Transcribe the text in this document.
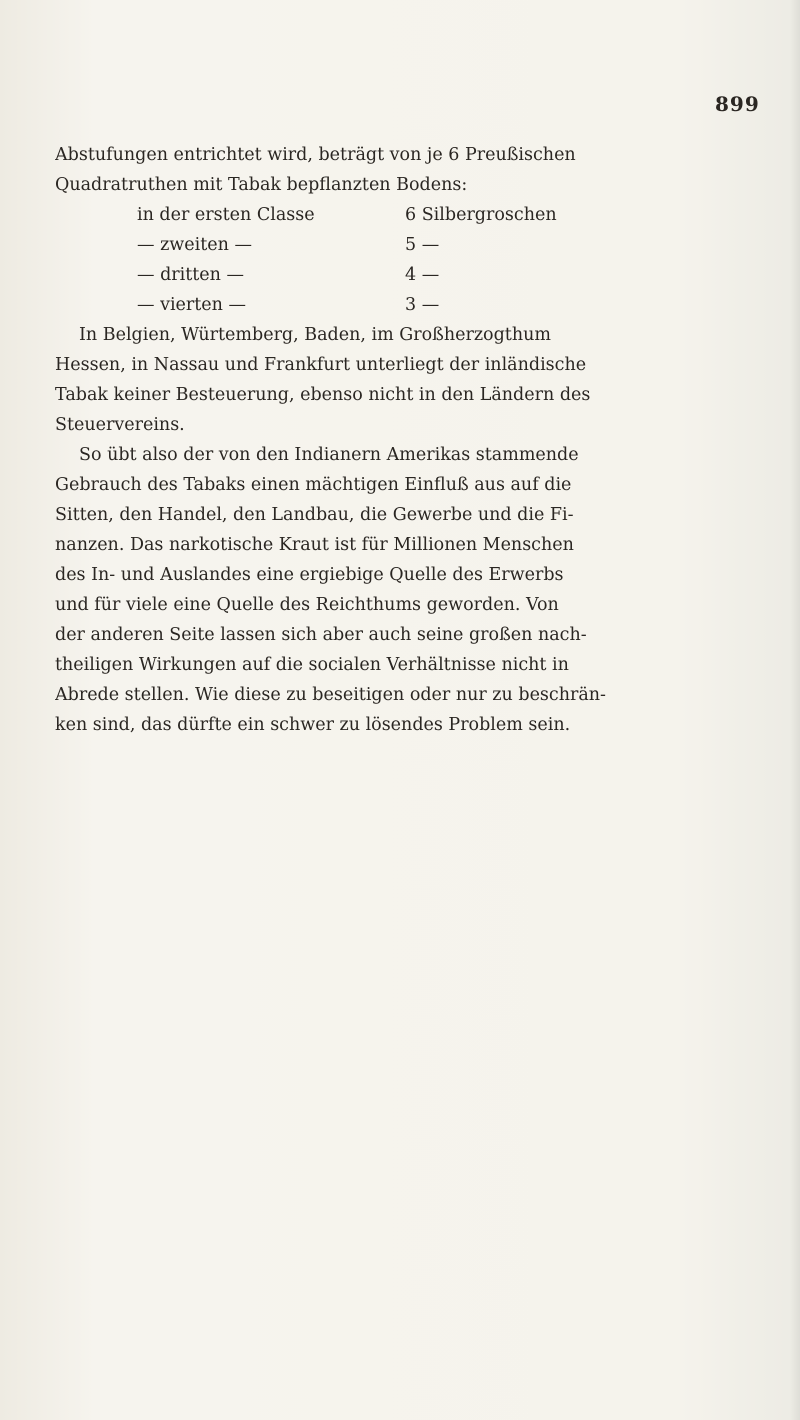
899
Abstufungen entrichtet wird, beträgt von je 6 Preußischen
Quadratruthen mit Tabak bepflanzten Bodens:
in der ersten Classe	6 Silbergroschen
— zweiten —	5 —
— dritten —	4 —
— vierten —	3 —
In Belgien, Würtemberg, Baden, im Großherzogthum
Hessen, in Nassau und Frankfurt unterliegt der inländische
Tabak keiner Besteuerung, ebenso nicht in den Ländern des
Steuervereins.
So übt also der von den Indianern Amerikas stammende
Gebrauch des Tabaks einen mächtigen Einfluß aus auf die
Sitten, den Handel, den Landbau, die Gewerbe und die Fi-
nanzen. Das narkotische Kraut ist für Millionen Menschen
des In- und Auslandes eine ergiebige Quelle des Erwerbs
und für viele eine Quelle des Reichthums geworden. Von
der anderen Seite lassen sich aber auch seine großen nach-
theiligen Wirkungen auf die socialen Verhältnisse nicht in
Abrede stellen. Wie diese zu beseitigen oder nur zu beschrän-
ken sind, das dürfte ein schwer zu lösendes Problem sein.
